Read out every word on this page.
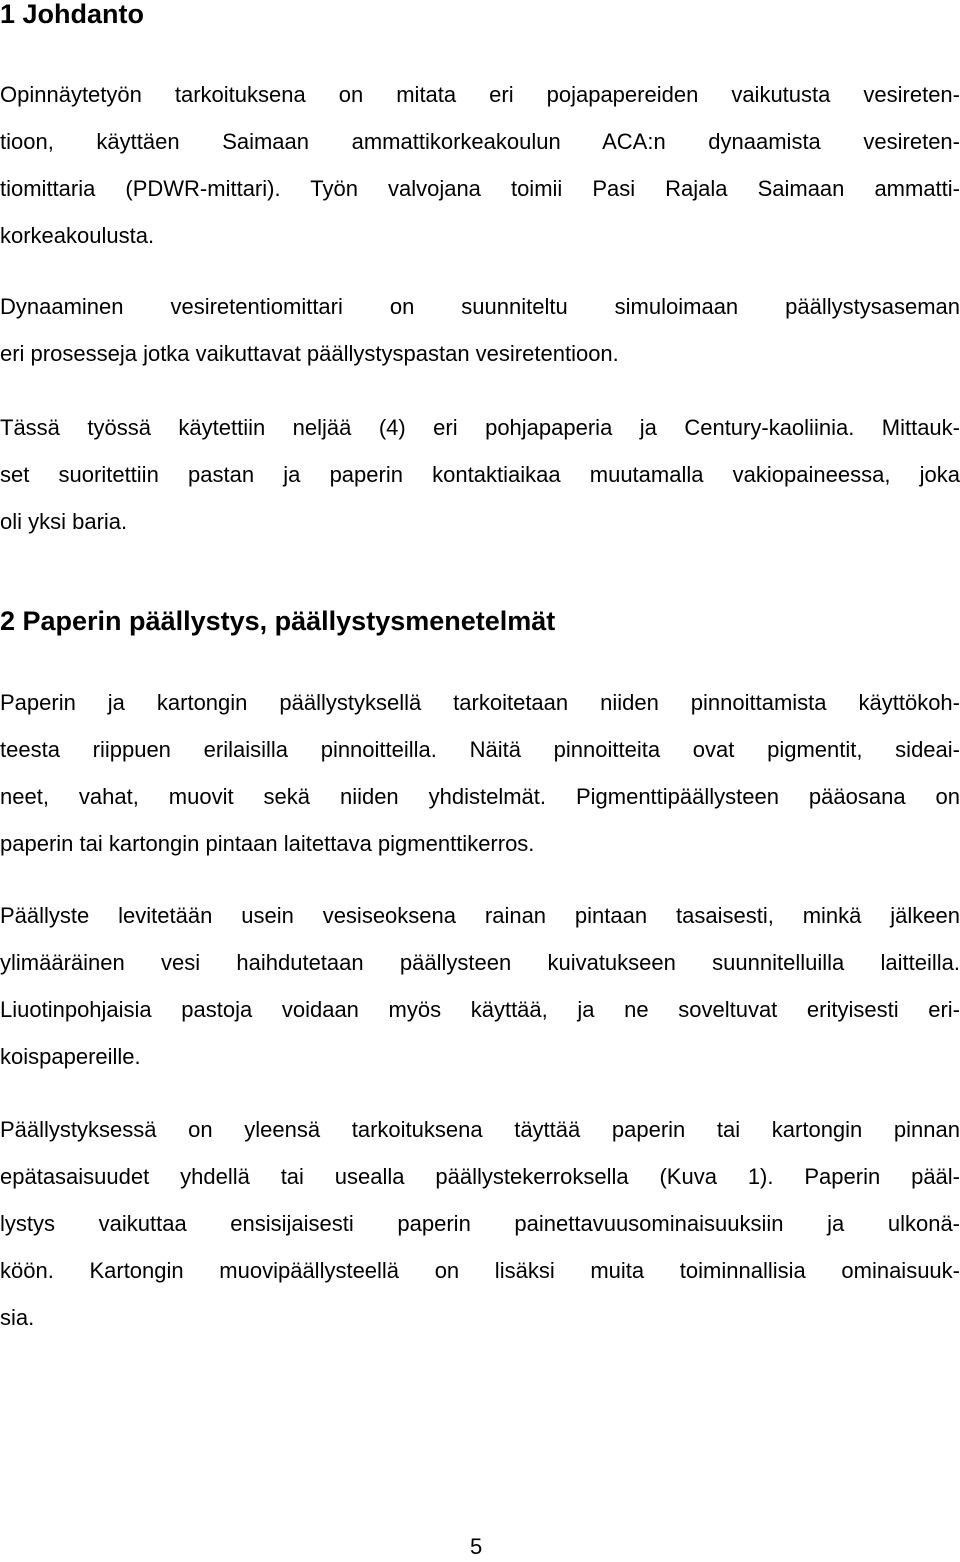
1 Johdanto
Opinnäytetyön tarkoituksena on mitata eri pojapapereiden vaikutusta vesireten-
tioon, käyttäen Saimaan ammattikorkeakoulun ACA:n dynaamista vesireten-
tiomittaria (PDWR-mittari). Työn valvojana toimii Pasi Rajala Saimaan ammatti-
korkeakoulusta.
Dynaaminen vesiretentiomittari on suunniteltu simuloimaan päällystysaseman
eri prosesseja jotka vaikuttavat päällystyspastan vesiretentioon.
Tässä työssä käytettiin neljää (4) eri pohjapaperia ja Century-kaoliinia. Mittauk-
set suoritettiin pastan ja paperin kontaktiaikaa muutamalla vakiopaineessa, joka
oli yksi baria.
2 Paperin päällystys, päällystysmenetelmät
Paperin ja kartongin päällystyksellä tarkoitetaan niiden pinnoittamista käyttökoh-
teesta riippuen erilaisilla pinnoitteilla. Näitä pinnoitteita ovat pigmentit, sideai-
neet, vahat, muovit sekä niiden yhdistelmät. Pigmenttipäällysteen pääosana on
paperin tai kartongin pintaan laitettava pigmenttikerros.
Päällyste levitetään usein vesiseoksena rainan pintaan tasaisesti, minkä jälkeen
ylimääräinen vesi haihdutetaan päällysteen kuivatukseen suunnitelluilla laitteilla.
Liuotinpohjaisia pastoja voidaan myös käyttää, ja ne soveltuvat erityisesti eri-
koispapereille.
Päällystyksessä on yleensä tarkoituksena täyttää paperin tai kartongin pinnan
epätasaisuudet yhdellä tai usealla päällystekerroksella (Kuva 1). Paperin pääl-
lystys vaikuttaa ensisijaisesti paperin painettavuusominaisuuksiin ja ulkonä-
köön. Kartongin muovipäällysteellä on lisäksi muita toiminnallisia ominaisuuk-
sia.
5
